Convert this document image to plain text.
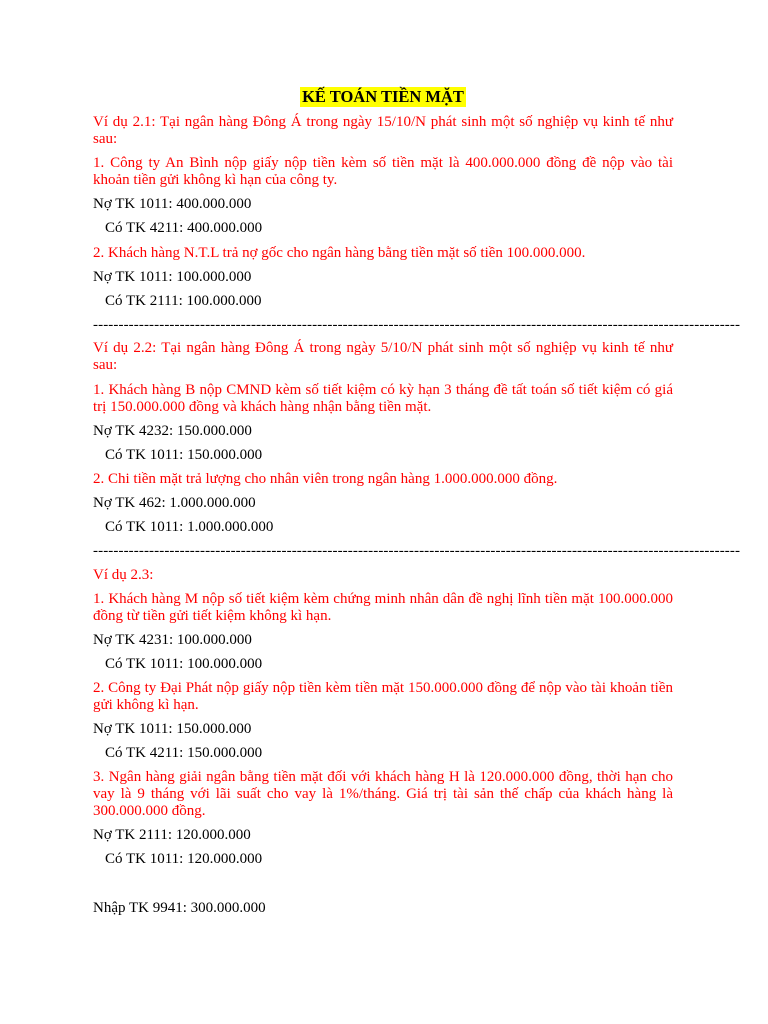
KẾ TOÁN TIỀN MẶT
Ví dụ 2.1: Tại ngân hàng Đông Á trong ngày 15/10/N phát sinh một số nghiệp vụ kinh tế như sau:
1. Công ty An Bình nộp giấy nộp tiền kèm số tiền mặt là 400.000.000 đồng đề nộp vào tài khoản tiền gửi không kì hạn của công ty.
Nợ TK 1011: 400.000.000
Có TK 4211: 400.000.000
2. Khách hàng N.T.L trả nợ gốc cho ngân hàng bằng tiền mặt số tiền 100.000.000.
Nợ TK 1011: 100.000.000
Có TK 2111: 100.000.000
-------------------------------------------------------------------------------------------------------------------------------
Ví dụ 2.2: Tại ngân hàng Đông Á trong ngày 5/10/N phát sinh một số nghiệp vụ kinh tế như sau:
1. Khách hàng B nộp CMND kèm số tiết kiệm có kỳ hạn 3 tháng đề tất toán số tiết kiệm có giá trị 150.000.000 đồng và khách hàng nhận bằng tiền mặt.
Nợ TK 4232: 150.000.000
Có TK 1011: 150.000.000
2. Chi tiền mặt trả lượng cho nhân viên trong ngân hàng 1.000.000.000 đồng.
Nợ TK 462: 1.000.000.000
Có TK 1011: 1.000.000.000
-------------------------------------------------------------------------------------------------------------------------------
Ví dụ 2.3:
1. Khách hàng M nộp số tiết kiệm kèm chứng minh nhân dân đề nghị lĩnh tiền mặt 100.000.000 đồng từ tiền gửi tiết kiệm không kì hạn.
Nợ TK 4231: 100.000.000
Có TK 1011: 100.000.000
2. Công ty Đại Phát nộp giấy nộp tiền kèm tiền mặt 150.000.000 đồng để nộp vào tài khoản tiền gửi không kì hạn.
Nợ TK 1011: 150.000.000
Có TK 4211: 150.000.000
3. Ngân hàng giải ngân bằng tiền mặt đối với khách hàng H là 120.000.000 đồng, thời hạn cho vay là 9 tháng với lãi suất cho vay là 1%/tháng. Giá trị tài sản thế chấp của khách hàng là 300.000.000 đồng.
Nợ TK 2111: 120.000.000
Có TK 1011: 120.000.000
Nhập TK 9941: 300.000.000
